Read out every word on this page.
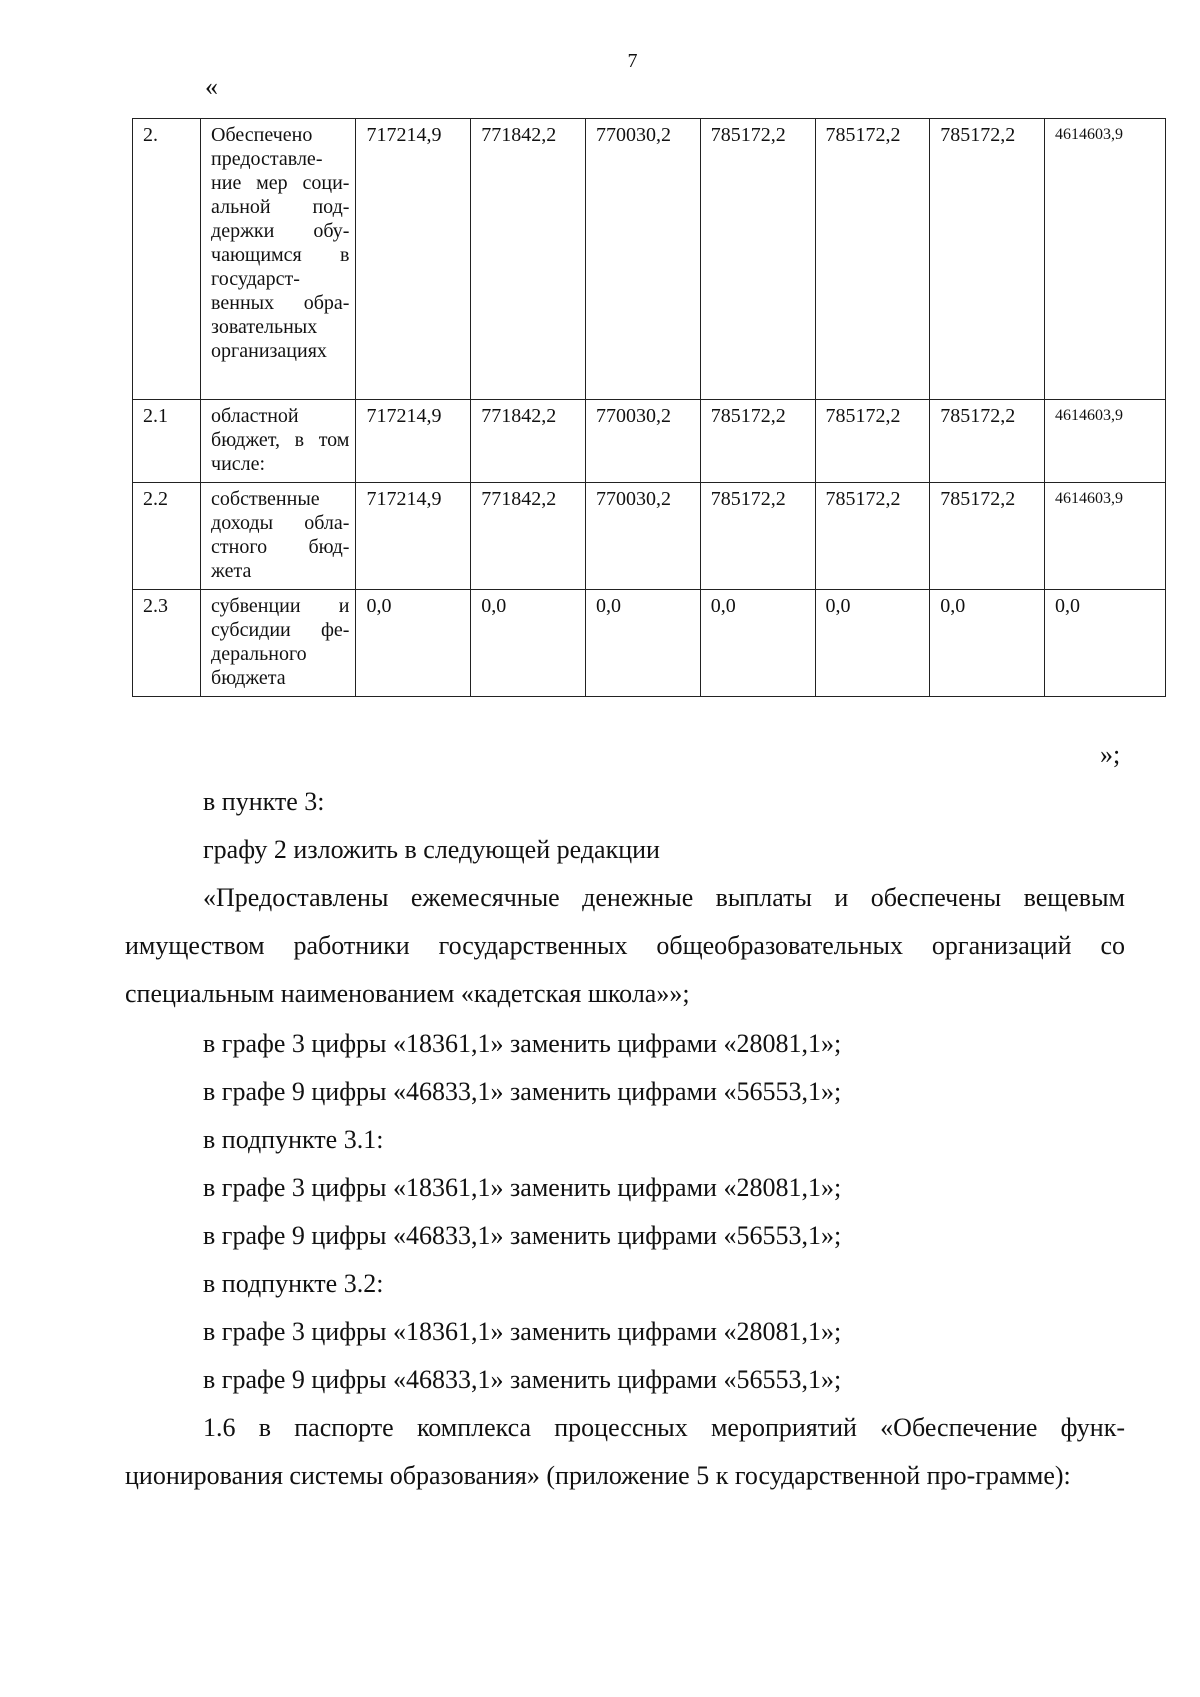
7
«
2.	Обеспечено предоставле-ние мер соци-альной под-держки обу-чающимся в государст-венных обра-зовательных организациях	717214,9	771842,2	770030,2	785172,2	785172,2	785172,2	4614603,9
2.1	областной бюджет, в том числе:	717214,9	771842,2	770030,2	785172,2	785172,2	785172,2	4614603,9
2.2	собственные доходы обла-стного бюд-жета	717214,9	771842,2	770030,2	785172,2	785172,2	785172,2	4614603,9
2.3	субвенции и субсидии фе-дерального бюджета	0,0	0,0	0,0	0,0	0,0	0,0	0,0
»;
в пункте 3:
графу 2 изложить в следующей редакции
«Предоставлены ежемесячные денежные выплаты и обеспечены вещевым имуществом работники государственных общеобразовательных организаций со специальным наименованием «кадетская школа»»;
в графе 3 цифры «18361,1» заменить цифрами «28081,1»;
в графе 9 цифры «46833,1» заменить цифрами «56553,1»;
в подпункте 3.1:
в графе 3 цифры «18361,1» заменить цифрами «28081,1»;
в графе 9 цифры «46833,1» заменить цифрами «56553,1»;
в подпункте 3.2:
в графе 3 цифры «18361,1» заменить цифрами «28081,1»;
в графе 9 цифры «46833,1» заменить цифрами «56553,1»;
1.6 в паспорте комплекса процессных мероприятий «Обеспечение функ-ционирования системы образования» (приложение 5 к государственной про-грамме):
